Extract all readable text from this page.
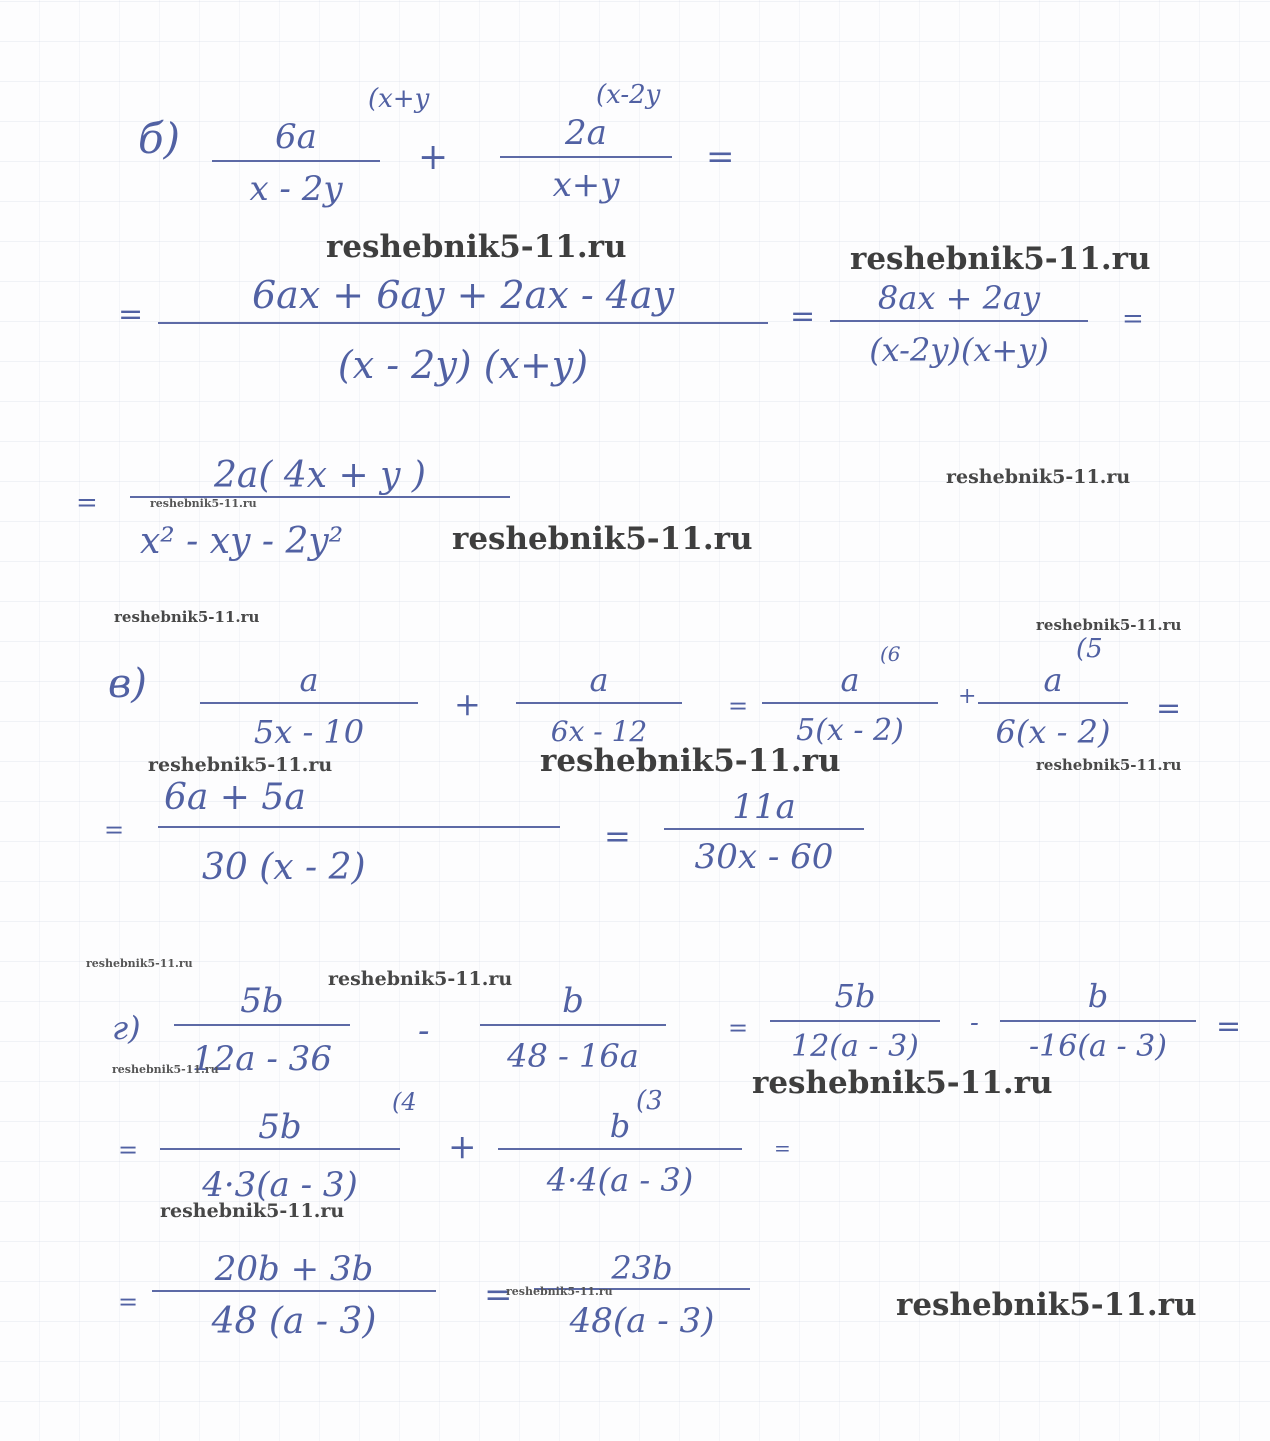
б)	6a

x - 2y

(x+y

+

2a

x+y

(x-2y

=

=	6ax + 6ay + 2ax - 4ay

(x - 2y) (x+y)

=	8ax + 2ay

(x-2y)(x+y)

=

=

2a( 4x + y )

x² - xy - 2y²

в)	a

5x - 10

+

a

6x - 12

=

a

5(x - 2)

(6

+	a

6(x - 2)

(5

=

=

6a + 5a

30 (x - 2)

=

11a

30x - 60

г)

5b

12a - 36

-

b

48 - 16a

=

5b

12(a - 3)

-

b

-16(a - 3)

=

=

5b

4·3(a - 3)

(4

+

b

4·4(a - 3)

(3

=

=

20b + 3b

48 (a - 3)

=

23b

48(a - 3)

reshebnik5-11.ru	reshebnik5-11.ru

reshebnik5-11.ru

reshebnik5-11.ru

reshebnik5-11.ru

reshebnik5-11.ru	reshebnik5-11.ru

reshebnik5-11.ru	reshebnik5-11.ru	reshebnik5-11.ru

reshebnik5-11.ru

reshebnik5-11.ru

reshebnik5-11.ru	reshebnik5-11.ru

reshebnik5-11.ru

reshebnik5-11.ru	reshebnik5-11.ru
